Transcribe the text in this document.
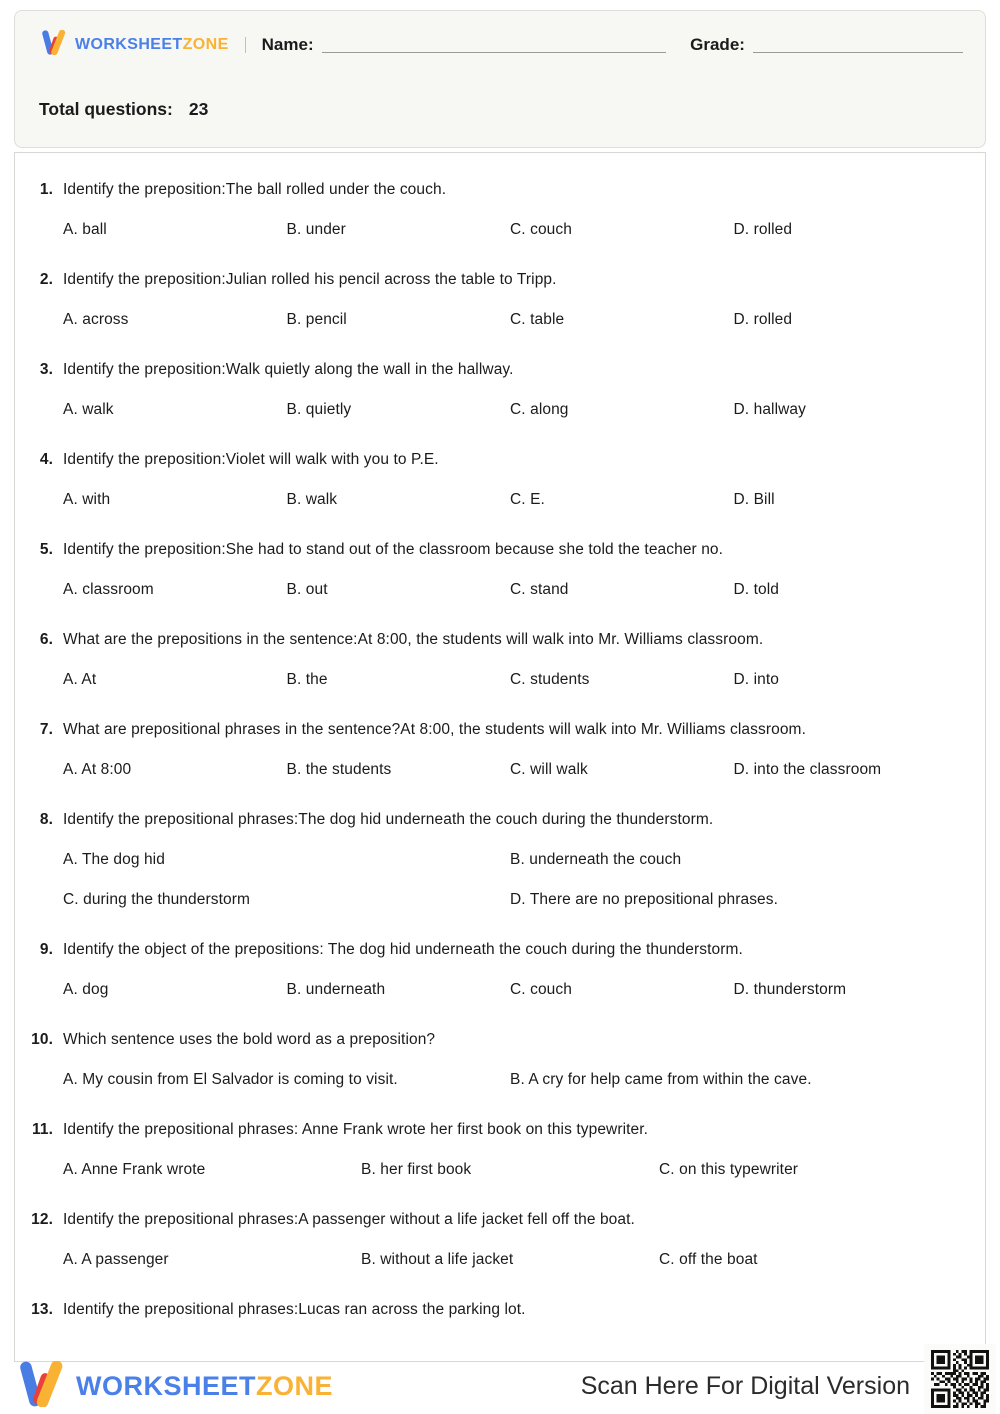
WORKSHEETZONE Name:	Grade:
Total questions: 23
1. Identify the preposition:The ball rolled under the couch.
A. ball	B. under	C. couch	D. rolled
2. Identify the preposition:Julian rolled his pencil across the table to Tripp.
A. across	B. pencil	C. table	D. rolled
3. Identify the preposition:Walk quietly along the wall in the hallway.
A. walk	B. quietly	C. along	D. hallway
4. Identify the preposition:Violet will walk with you to P.E.
A. with	B. walk	C. E.	D. Bill
5. Identify the preposition:She had to stand out of the classroom because she told the teacher no.
A. classroom	B. out	C. stand	D. told
6. What are the prepositions in the sentence:At 8:00, the students will walk into Mr. Williams classroom.
A. At	B. the	C. students	D. into
7. What are prepositional phrases in the sentence?At 8:00, the students will walk into Mr. Williams classroom.
A. At 8:00	B. the students	C. will walk	D. into the classroom
8. Identify the prepositional phrases:The dog hid underneath the couch during the thunderstorm.
A. The dog hid	B. underneath the couch
C. during the thunderstorm	D. There are no prepositional phrases.
9. Identify the object of the prepositions: The dog hid underneath the couch during the thunderstorm.
A. dog	B. underneath	C. couch	D. thunderstorm
10. Which sentence uses the bold word as a preposition?
A. My cousin from El Salvador is coming to visit.	B. A cry for help came from within the cave.
11. Identify the prepositional phrases: Anne Frank wrote her first book on this typewriter.
A. Anne Frank wrote	B. her first book	C. on this typewriter
12. Identify the prepositional phrases:A passenger without a life jacket fell off the boat.
A. A passenger	B. without a life jacket	C. off the boat
13. Identify the prepositional phrases:Lucas ran across the parking lot.
WORKSHEETZONE	Scan Here For Digital Version
